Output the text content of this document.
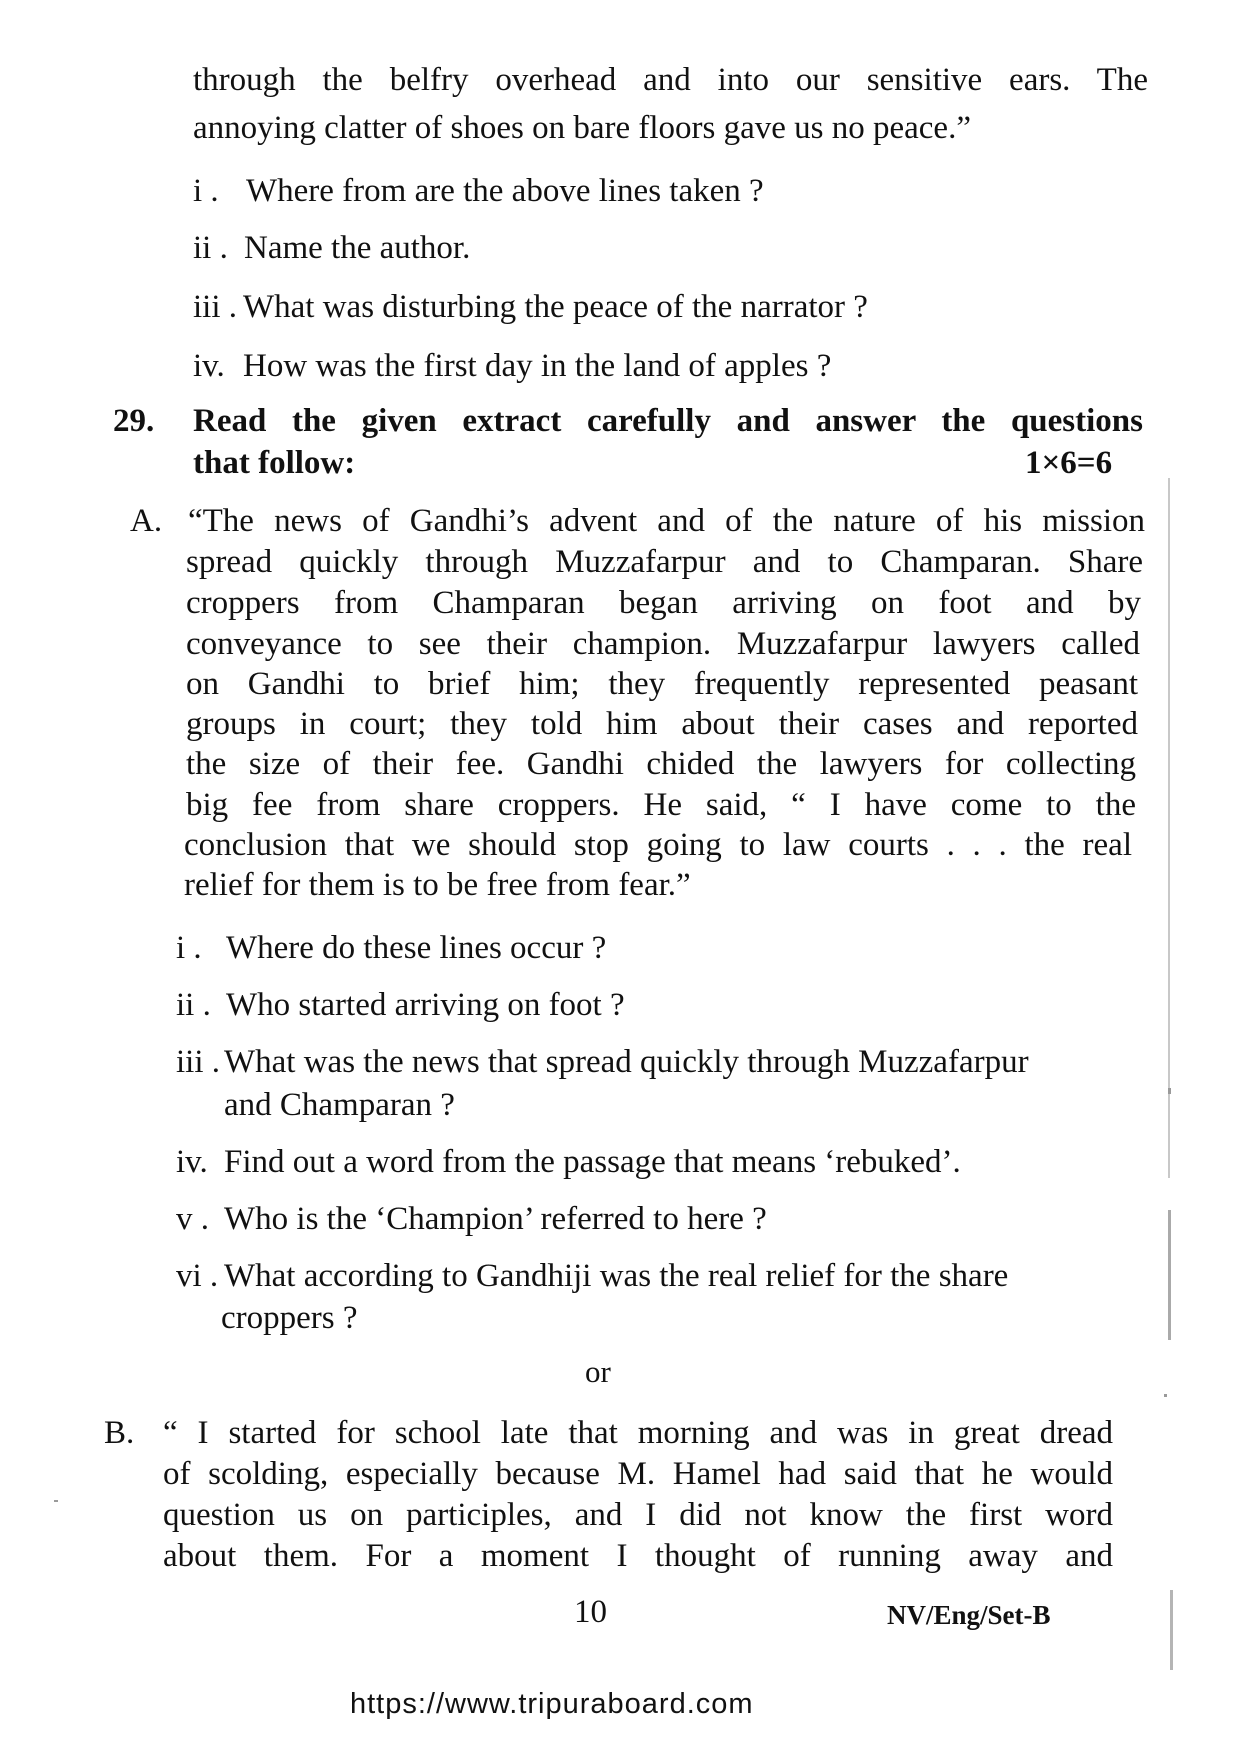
through the belfry overhead and into our sensitive ears. The
annoying clatter of shoes on bare floors gave us no peace.”
i . Where from are the above lines taken ?
ii . Name the author.
iii . What was disturbing the peace of the narrator ?
iv. How was the first day in the land of apples ?
29. Read the given extract carefully and answer the questions
that follow:	1×6=6
A. “The news of Gandhi’s advent and of the nature of his mission
spread quickly through Muzzafarpur and to Champaran. Share
croppers from Champaran began arriving on foot and by
conveyance to see their champion. Muzzafarpur lawyers called
on Gandhi to brief him; they frequently represented peasant
groups in court; they told him about their cases and reported
the size of their fee. Gandhi chided the lawyers for collecting
big fee from share croppers. He said, “ I have come to the
conclusion that we should stop going to law courts . . . the real
relief for them is to be free from fear.”
i . Where do these lines occur ?
ii . Who started arriving on foot ?
iii . What was the news that spread quickly through Muzzafarpur
and Champaran ?
iv. Find out a word from the passage that means ‘rebuked’.
v . Who is the ‘Champion’ referred to here ?
vi . What according to Gandhiji was the real relief for the share
croppers ?
or
B. “ I started for school late that morning and was in great dread
of scolding, especially because M. Hamel had said that he would
question us on participles, and I did not know the first word
about them. For a moment I thought of running away and
10	NV/Eng/Set-B
https://www.tripuraboard.com
